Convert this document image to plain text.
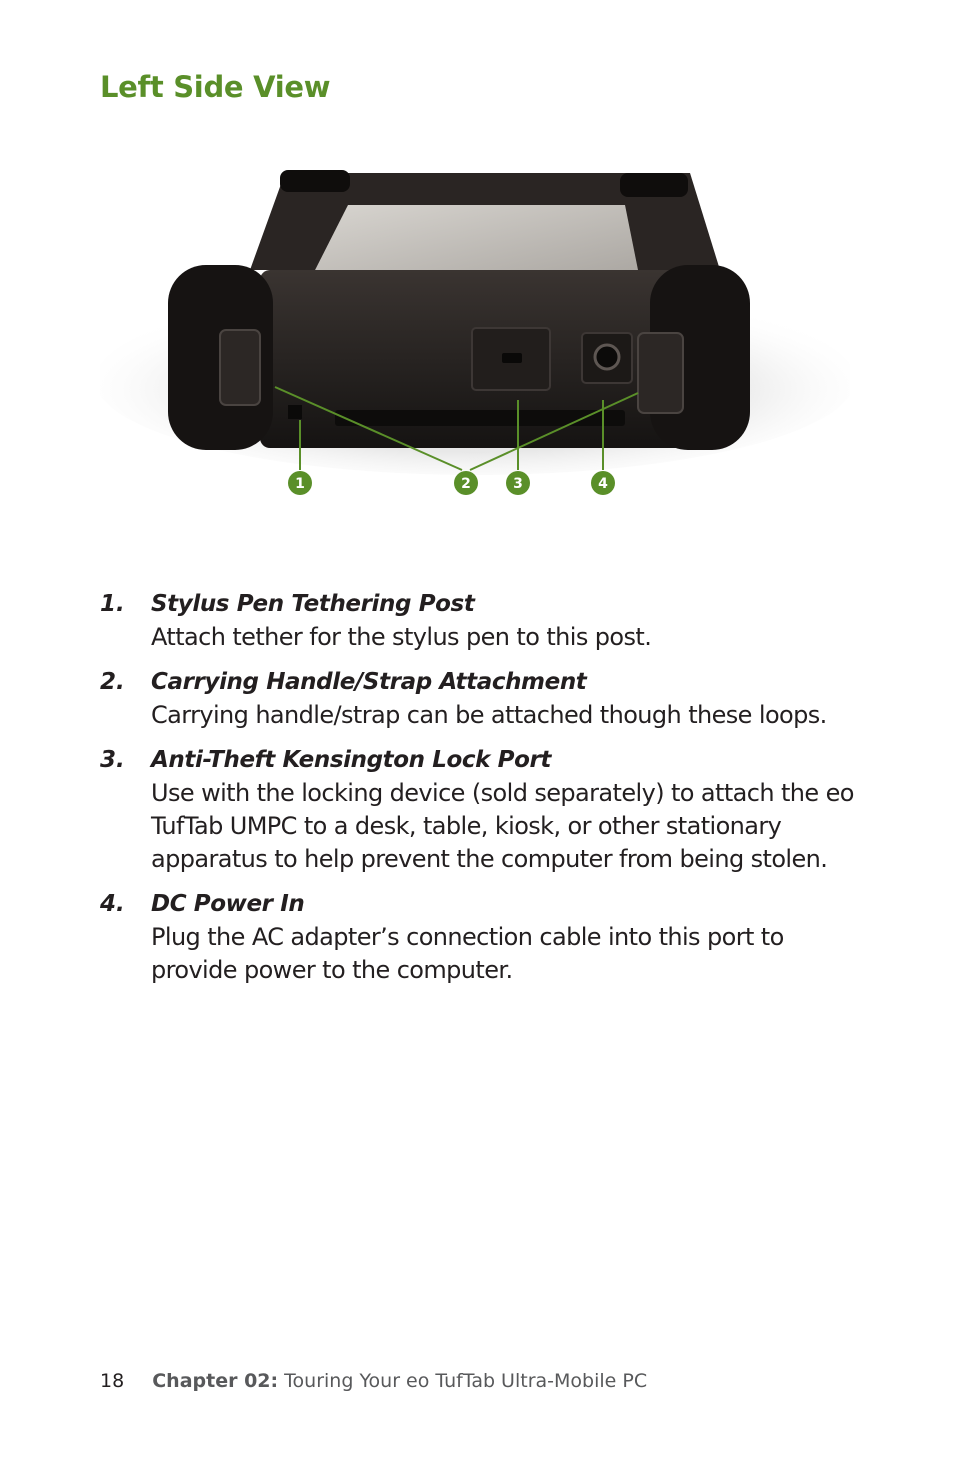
Left Side View
1	2	3	4
1.	Stylus Pen Tethering Post
Attach tether for the stylus pen to this post.
2.	Carrying Handle/Strap Attachment
Carrying handle/strap can be attached though these loops.
3.	Anti-Theft Kensington Lock Port
Use with the locking device (sold separately) to attach the eo TufTab UMPC to a desk, table, kiosk, or other stationary apparatus to help prevent the computer from being stolen.
4.	DC Power In
Plug the AC adapter’s connection cable into this port to provide power to the computer.
18 Chapter 02: Touring Your eo TufTab Ultra-Mobile PC
